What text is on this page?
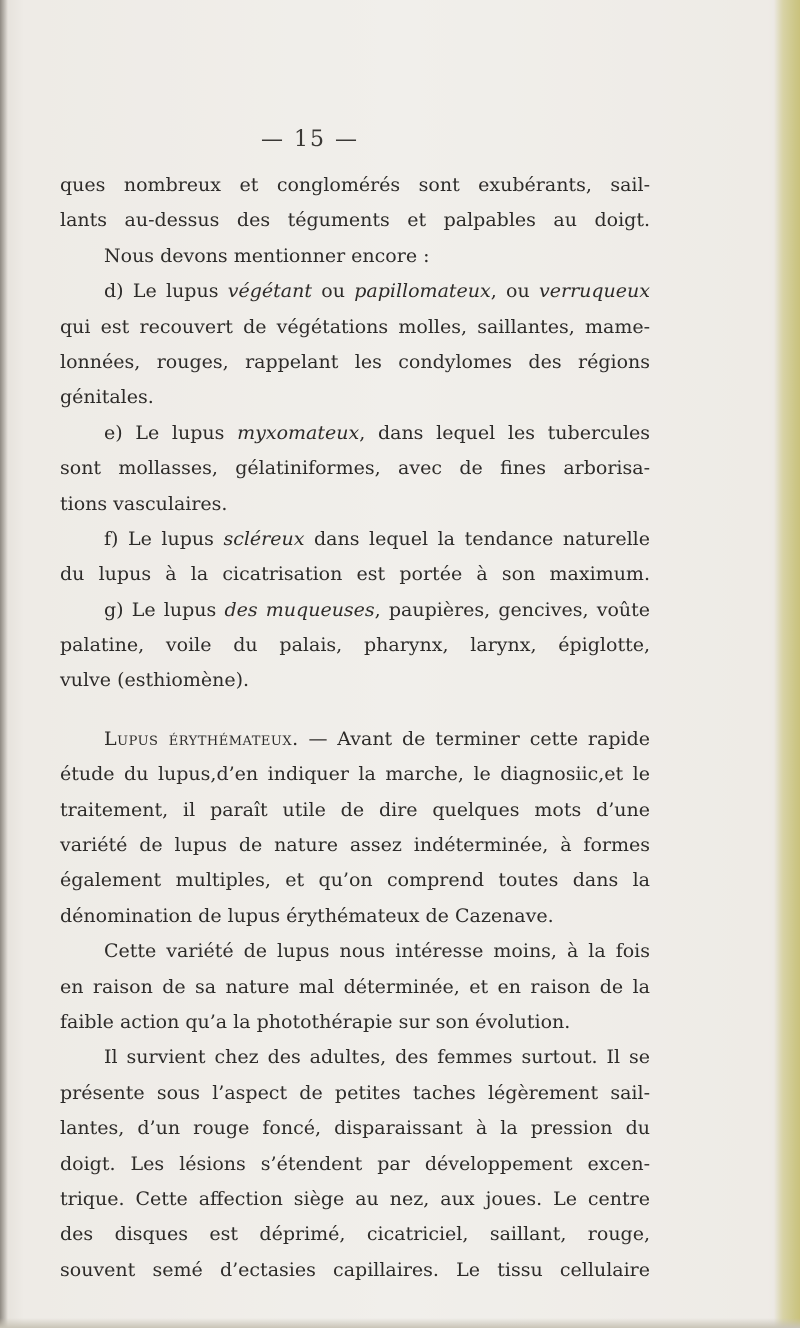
— 15 —
ques nombreux et conglomérés sont exubérants, sail-
lants au-dessus des téguments et palpables au doigt.
Nous devons mentionner encore :
d) Le lupus végétant ou papillomateux, ou verruqueux
qui est recouvert de végétations molles, saillantes, mame-
lonnées, rouges, rappelant les condylomes des régions
génitales.
e) Le lupus myxomateux, dans lequel les tubercules
sont mollasses, gélatiniformes, avec de fines arborisa-
tions vasculaires.
f) Le lupus scléreux dans lequel la tendance naturelle
du lupus à la cicatrisation est portée à son maximum.
g) Le lupus des muqueuses, paupières, gencives, voûte
palatine, voile du palais, pharynx, larynx, épiglotte,
vulve (esthiomène).
Lupus érythémateux. — Avant de terminer cette rapide
étude du lupus,d’en indiquer la marche, le diagnosiic,et le
traitement, il paraît utile de dire quelques mots d’une
variété de lupus de nature assez indéterminée, à formes
également multiples, et qu’on comprend toutes dans la
dénomination de lupus érythémateux de Cazenave.
Cette variété de lupus nous intéresse moins, à la fois
en raison de sa nature mal déterminée, et en raison de la
faible action qu’a la photothérapie sur son évolution.
Il survient chez des adultes, des femmes surtout. Il se
présente sous l’aspect de petites taches légèrement sail-
lantes, d’un rouge foncé, disparaissant à la pression du
doigt. Les lésions s’étendent par développement excen-
trique. Cette affection siège au nez, aux joues. Le centre
des disques est déprimé, cicatriciel, saillant, rouge,
souvent semé d’ectasies capillaires. Le tissu cellulaire
